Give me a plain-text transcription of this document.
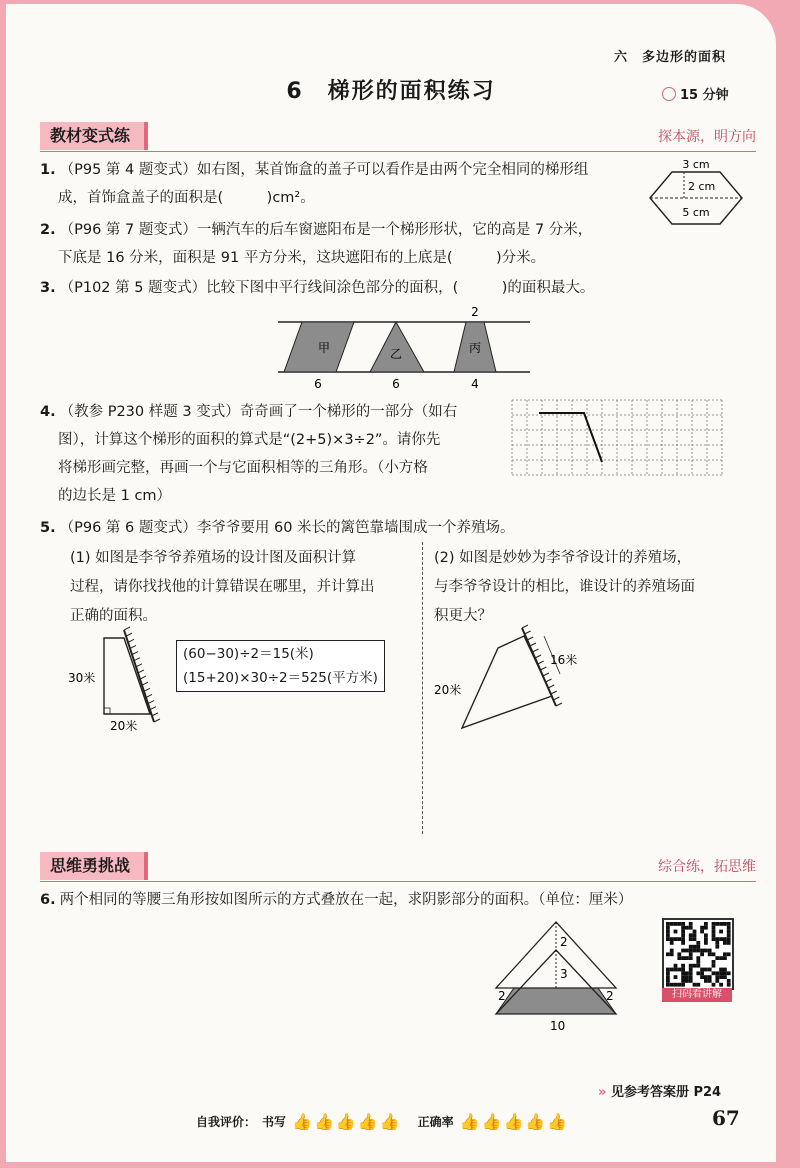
六　多边形的面积
6　梯形的面积练习	15 分钟
教材变式练	探本源，明方向
1. （P95 第 4 题变式）如右图，某首饰盒的盖子可以看作是由两个完全相同的梯形组
成，首饰盒盖子的面积是(　　　)cm²。
3 cm
2 cm
5 cm
2. （P96 第 7 题变式）一辆汽车的后车窗遮阳布是一个梯形形状，它的高是 7 分米，
下底是 16 分米，面积是 91 平方分米，这块遮阳布的上底是(　　　)分米。
3. （P102 第 5 题变式）比较下图中平行线间涂色部分的面积，(　　　)的面积最大。
甲	乙	丙
2
6	6	4
4. （教参 P230 样题 3 变式）奇奇画了一个梯形的一部分（如右
图），计算这个梯形的面积的算式是“(2+5)×3÷2”。请你先
将梯形画完整，再画一个与它面积相等的三角形。（小方格
的边长是 1 cm）
5. （P96 第 6 题变式）李爷爷要用 60 米长的篱笆靠墙围成一个养殖场。
(1) 如图是李爷爷养殖场的设计图及面积计算
过程，请你找找他的计算错误在哪里，并计算出
正确的面积。
(2) 如图是妙妙为李爷爷设计的养殖场，
与李爷爷设计的相比，谁设计的养殖场面
积更大？
30米
20米
(60−30)÷2＝15(米)
(15+20)×30÷2＝525(平方米)
16米
20米
思维勇挑战	综合练，拓思维
6. 两个相同的等腰三角形按如图所示的方式叠放在一起，求阴影部分的面积。（单位：厘米）
2
3
2	2
10
扫码看讲解
» 见参考答案册 P24
自我评价： 书写 👍👍👍👍👍 正确率 👍👍👍👍👍	67
